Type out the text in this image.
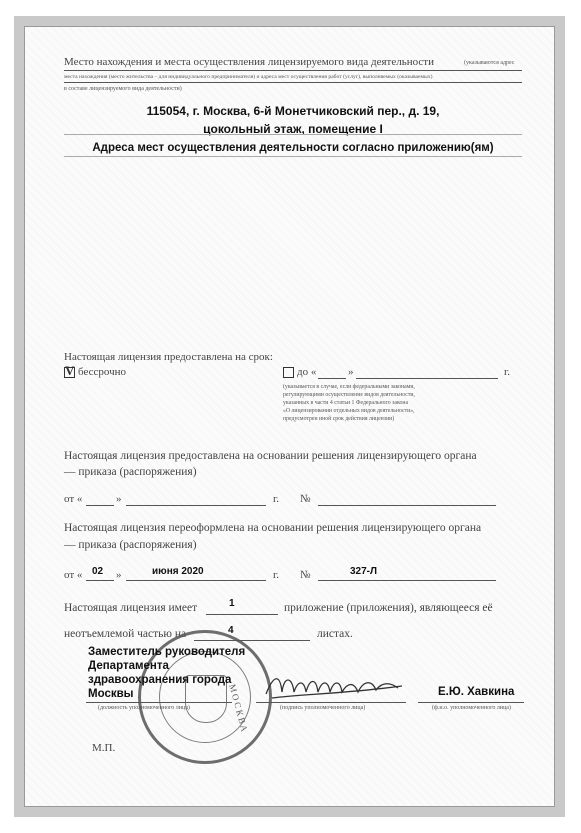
Место нахождения и места осуществления лицензируемого вида деятельности	(указываются адрес
места нахождения (место жительства – для индивидуального предпринимателя) и адреса мест осуществления работ (услуг), выполняемых (оказываемых)
в составе лицензируемого вида деятельности)
115054, г. Москва, 6-й Монетчиковский пер., д. 19,
цокольный этаж, помещение I
Адреса мест осуществления деятельности согласно приложению(ям)
Настоящая лицензия предоставлена на срок:
V бессрочно	до «	»	г.
(указывается в случае, если федеральными законами,
регулирующими осуществление видов деятельности,
указанных в части 4 статьи 1 Федерального закона
«О лицензировании отдельных видов деятельности»,
предусмотрен иной срок действия лицензии)
Настоящая лицензия предоставлена на основании решения лицензирующего органа
— приказа (распоряжения)
от «	»	г. №
Настоящая лицензия переоформлена на основании решения лицензирующего органа
— приказа (распоряжения)
от « 02 »	июня 2020	г. №	327-Л
Настоящая лицензия имеет	1	приложение (приложения), являющееся её
неотъемлемой частью на	4	листах.
МОСКВА
Заместитель руководителя
Департамента
здравоохранения города
Москвы
(должность уполномоченного лица)	(подпись уполномоченного лица)
Е.Ю. Хавкина
(ф.и.о. уполномоченного лица)
М.П.
